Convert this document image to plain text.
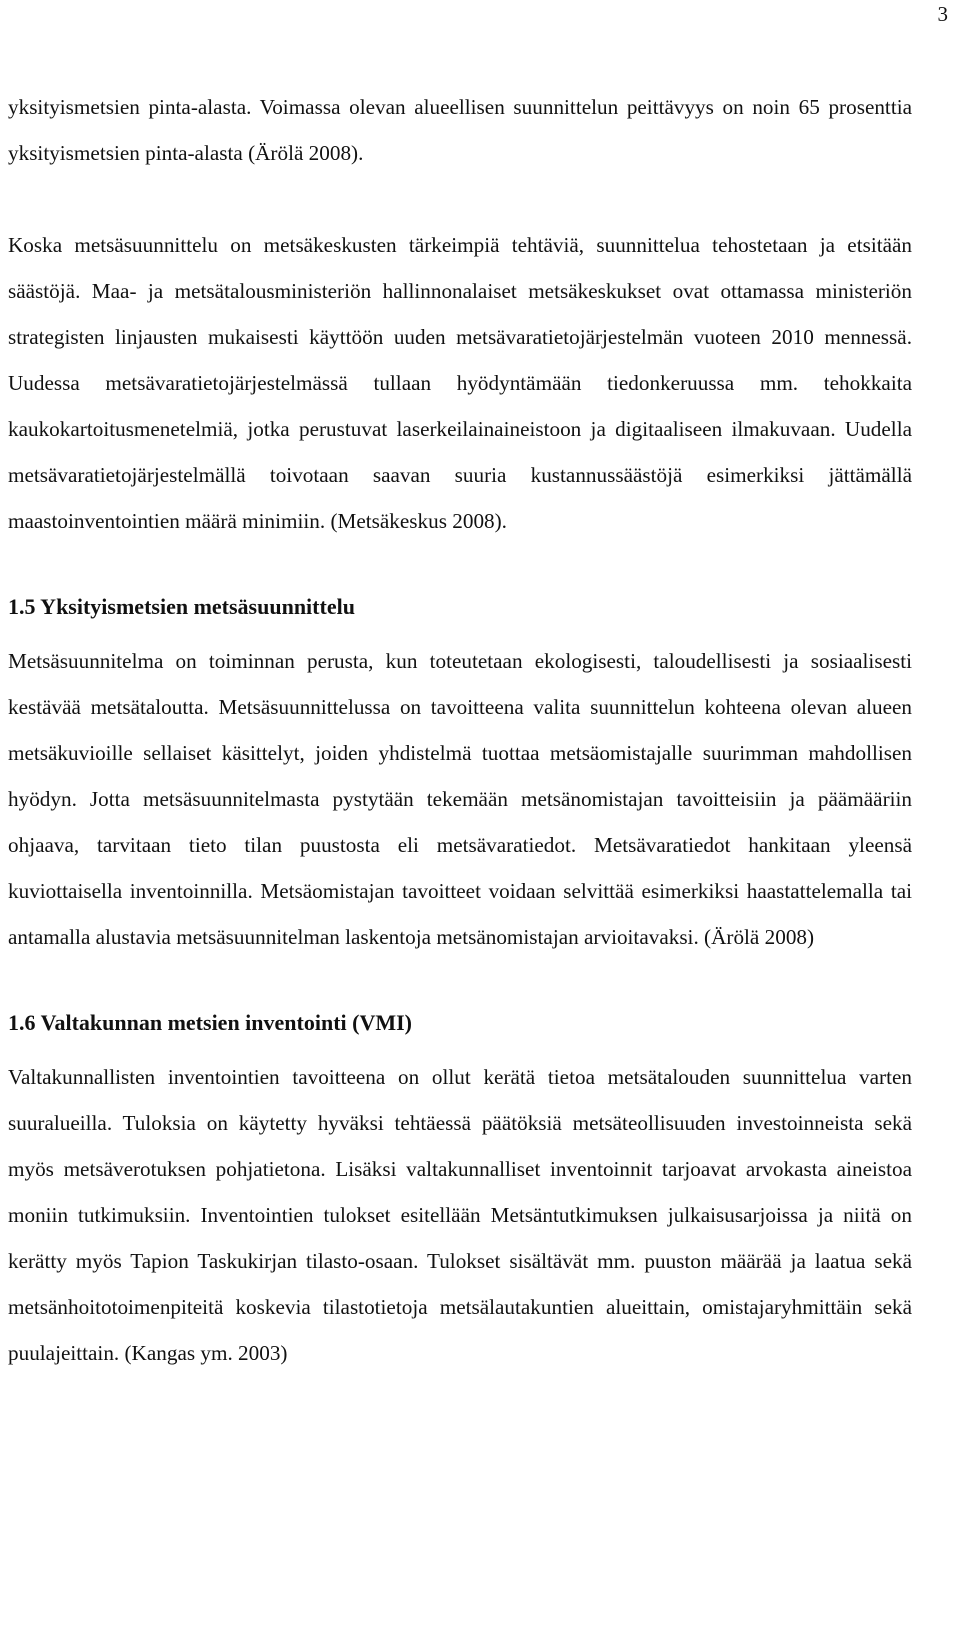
3

yksityismetsien pinta-alasta. Voimassa olevan alueellisen suunnittelun peittävyys on noin 65 prosenttia yksityismetsien pinta-alasta (Ärölä 2008).

Koska metsäsuunnittelu on metsäkeskusten tärkeimpiä tehtäviä, suunnittelua tehostetaan ja etsitään säästöjä. Maa- ja metsätalousministeriön hallinnonalaiset metsäkeskukset ovat ottamassa ministeriön strategisten linjausten mukaisesti käyttöön uuden metsävaratietojärjestelmän vuoteen 2010 mennessä. Uudessa metsävaratietojärjestelmässä tullaan hyödyntämään tiedonkeruussa mm. tehokkaita kaukokartoitusmenetelmiä, jotka perustuvat laserkeilainaineistoon ja digitaaliseen ilmakuvaan. Uudella metsävaratietojärjestelmällä toivotaan saavan suuria kustannussäästöjä esimerkiksi jättämällä maastoinventointien määrä minimiin. (Metsäkeskus 2008).

1.5 Yksityismetsien metsäsuunnittelu

Metsäsuunnitelma on toiminnan perusta, kun toteutetaan ekologisesti, taloudellisesti ja sosiaalisesti kestävää metsätaloutta. Metsäsuunnittelussa on tavoitteena valita suunnittelun kohteena olevan alueen metsäkuvioille sellaiset käsittelyt, joiden yhdistelmä tuottaa metsäomistajalle suurimman mahdollisen hyödyn. Jotta metsäsuunnitelmasta pystytään tekemään metsänomistajan tavoitteisiin ja päämääriin ohjaava, tarvitaan tieto tilan puustosta eli metsävaratiedot. Metsävaratiedot hankitaan yleensä kuviottaisella inventoinnilla. Metsäomistajan tavoitteet voidaan selvittää esimerkiksi haastattelemalla tai antamalla alustavia metsäsuunnitelman laskentoja metsänomistajan arvioitavaksi. (Ärölä 2008)

1.6 Valtakunnan metsien inventointi (VMI)

Valtakunnallisten inventointien tavoitteena on ollut kerätä tietoa metsätalouden suunnittelua varten suuralueilla. Tuloksia on käytetty hyväksi tehtäessä päätöksiä metsäteollisuuden investoinneista sekä myös metsäverotuksen pohjatietona. Lisäksi valtakunnalliset inventoinnit tarjoavat arvokasta aineistoa moniin tutkimuksiin. Inventointien tulokset esitellään Metsäntutkimuksen julkaisusarjoissa ja niitä on kerätty myös Tapion Taskukirjan tilasto-osaan. Tulokset sisältävät mm. puuston määrää ja laatua sekä metsänhoitotoimenpiteitä koskevia tilastotietoja metsälautakuntien alueittain, omistajaryhmittäin sekä puulajeittain. (Kangas ym. 2003)
